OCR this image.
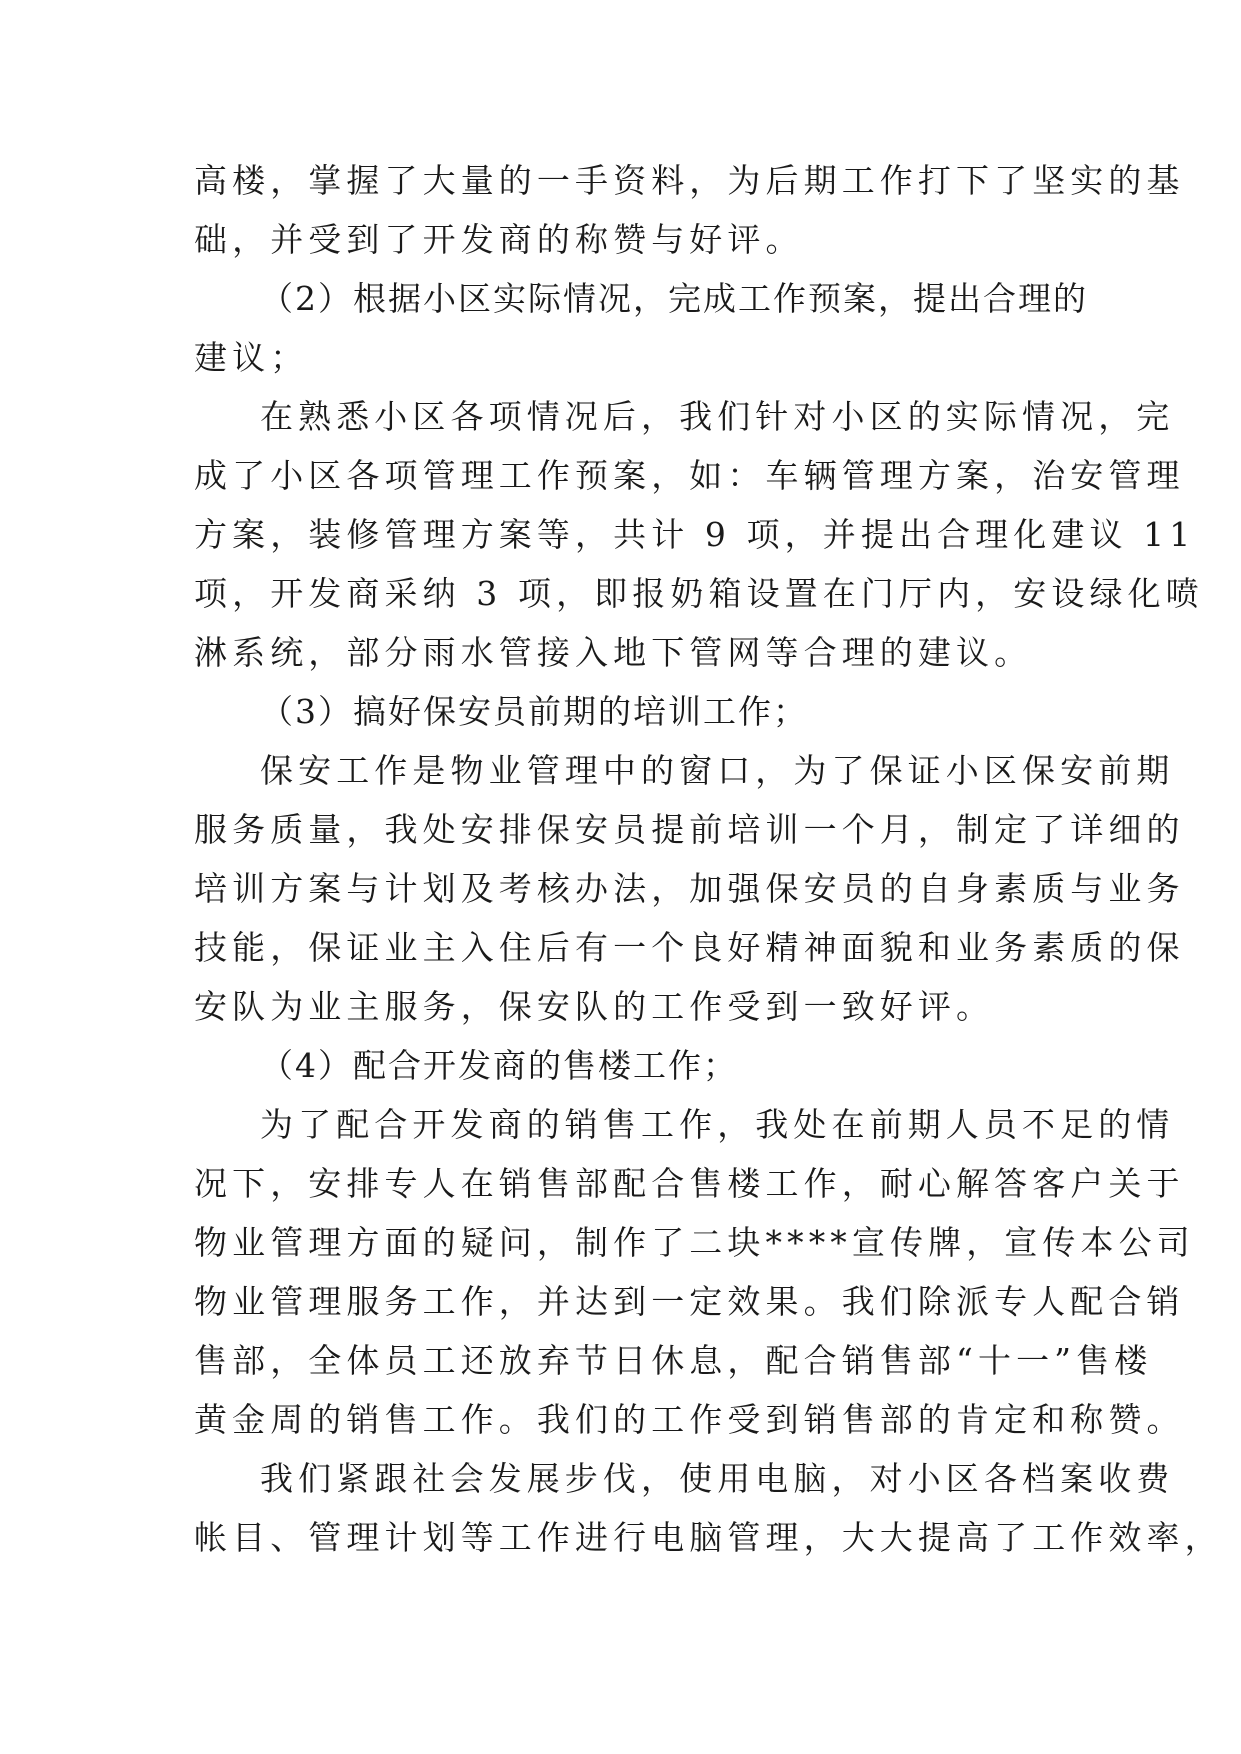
高楼，掌握了大量的一手资料，为后期工作打下了坚实的基
础，并受到了开发商的称赞与好评。
（2）根据小区实际情况，完成工作预案，提出合理的
建议；
在熟悉小区各项情况后，我们针对小区的实际情况，完
成了小区各项管理工作预案，如：车辆管理方案，治安管理
方案，装修管理方案等，共计 9 项，并提出合理化建议 11
项，开发商采纳 3 项，即报奶箱设置在门厅内，安设绿化喷
淋系统，部分雨水管接入地下管网等合理的建议。
（3）搞好保安员前期的培训工作；
保安工作是物业管理中的窗口，为了保证小区保安前期
服务质量，我处安排保安员提前培训一个月，制定了详细的
培训方案与计划及考核办法，加强保安员的自身素质与业务
技能，保证业主入住后有一个良好精神面貌和业务素质的保
安队为业主服务，保安队的工作受到一致好评。
（4）配合开发商的售楼工作；
为了配合开发商的销售工作，我处在前期人员不足的情
况下，安排专人在销售部配合售楼工作，耐心解答客户关于
物业管理方面的疑问，制作了二块****宣传牌，宣传本公司
物业管理服务工作，并达到一定效果。我们除派专人配合销
售部，全体员工还放弃节日休息，配合销售部“十一”售楼
黄金周的销售工作。我们的工作受到销售部的肯定和称赞。
我们紧跟社会发展步伐，使用电脑，对小区各档案收费
帐目、管理计划等工作进行电脑管理，大大提高了工作效率，
